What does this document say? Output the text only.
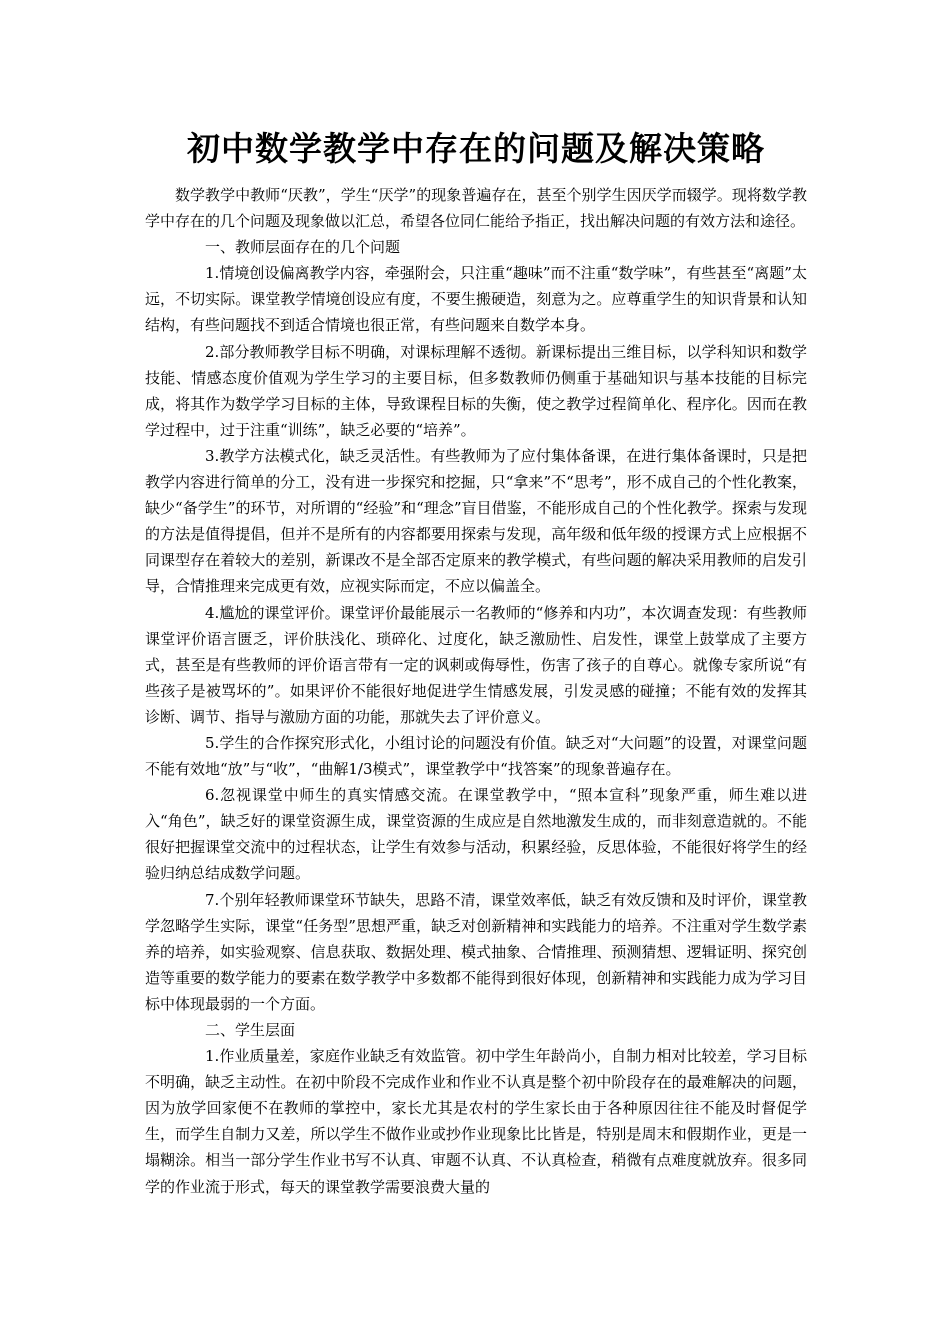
初中数学教学中存在的问题及解决策略

数学教学中教师“厌教”，学生“厌学”的现象普遍存在，甚至个别学生因厌学而辍学。现将数学教学中存在的几个问题及现象做以汇总，希望各位同仁能给予指正，找出解决问题的有效方法和途径。

一、教师层面存在的几个问题

1.情境创设偏离教学内容，牵强附会，只注重“趣味”而不注重“数学味”，有些甚至“离题”太远，不切实际。课堂教学情境创设应有度，不要生搬硬造，刻意为之。应尊重学生的知识背景和认知结构，有些问题找不到适合情境也很正常，有些问题来自数学本身。

2.部分教师教学目标不明确，对课标理解不透彻。新课标提出三维目标，以学科知识和数学技能、情感态度价值观为学生学习的主要目标，但多数教师仍侧重于基础知识与基本技能的目标完成，将其作为数学学习目标的主体，导致课程目标的失衡，使之教学过程简单化、程序化。因而在教学过程中，过于注重“训练”，缺乏必要的“培养”。

3.教学方法模式化，缺乏灵活性。有些教师为了应付集体备课，在进行集体备课时，只是把教学内容进行简单的分工，没有进一步探究和挖掘，只“拿来”不“思考”，形不成自己的个性化教案，缺少“备学生”的环节，对所谓的“经验”和“理念”盲目借鉴，不能形成自己的个性化教学。探索与发现的方法是值得提倡，但并不是所有的内容都要用探索与发现，高年级和低年级的授课方式上应根据不同课型存在着较大的差别，新课改不是全部否定原来的教学模式，有些问题的解决采用教师的启发引导，合情推理来完成更有效，应视实际而定，不应以偏盖全。

4.尴尬的课堂评价。课堂评价最能展示一名教师的“修养和内功”，本次调查发现：有些教师课堂评价语言匮乏，评价肤浅化、琐碎化、过度化，缺乏激励性、启发性，课堂上鼓掌成了主要方式，甚至是有些教师的评价语言带有一定的讽刺或侮辱性，伤害了孩子的自尊心。就像专家所说“有些孩子是被骂坏的”。如果评价不能很好地促进学生情感发展，引发灵感的碰撞；不能有效的发挥其诊断、调节、指导与激励方面的功能，那就失去了评价意义。

5.学生的合作探究形式化，小组讨论的问题没有价值。缺乏对“大问题”的设置，对课堂问题不能有效地“放”与“收”，“曲解1/3模式”，课堂教学中“找答案”的现象普遍存在。

6.忽视课堂中师生的真实情感交流。在课堂教学中，“照本宣科”现象严重，师生难以进入“角色”，缺乏好的课堂资源生成，课堂资源的生成应是自然地激发生成的，而非刻意造就的。不能很好把握课堂交流中的过程状态，让学生有效参与活动，积累经验，反思体验，不能很好将学生的经验归纳总结成数学问题。

7.个别年轻教师课堂环节缺失，思路不清，课堂效率低，缺乏有效反馈和及时评价，课堂教学忽略学生实际，课堂“任务型”思想严重，缺乏对创新精神和实践能力的培养。不注重对学生数学素养的培养，如实验观察、信息获取、数据处理、模式抽象、合情推理、预测猜想、逻辑证明、探究创造等重要的数学能力的要素在数学教学中多数都不能得到很好体现，创新精神和实践能力成为学习目标中体现最弱的一个方面。

二、学生层面

1.作业质量差，家庭作业缺乏有效监管。初中学生年龄尚小，自制力相对比较差，学习目标不明确，缺乏主动性。在初中阶段不完成作业和作业不认真是整个初中阶段存在的最难解决的问题，因为放学回家便不在教师的掌控中，家长尤其是农村的学生家长由于各种原因往往不能及时督促学生，而学生自制力又差，所以学生不做作业或抄作业现象比比皆是，特别是周末和假期作业，更是一塌糊涂。相当一部分学生作业书写不认真、审题不认真、不认真检查，稍微有点难度就放弃。很多同学的作业流于形式，每天的课堂教学需要浪费大量的
